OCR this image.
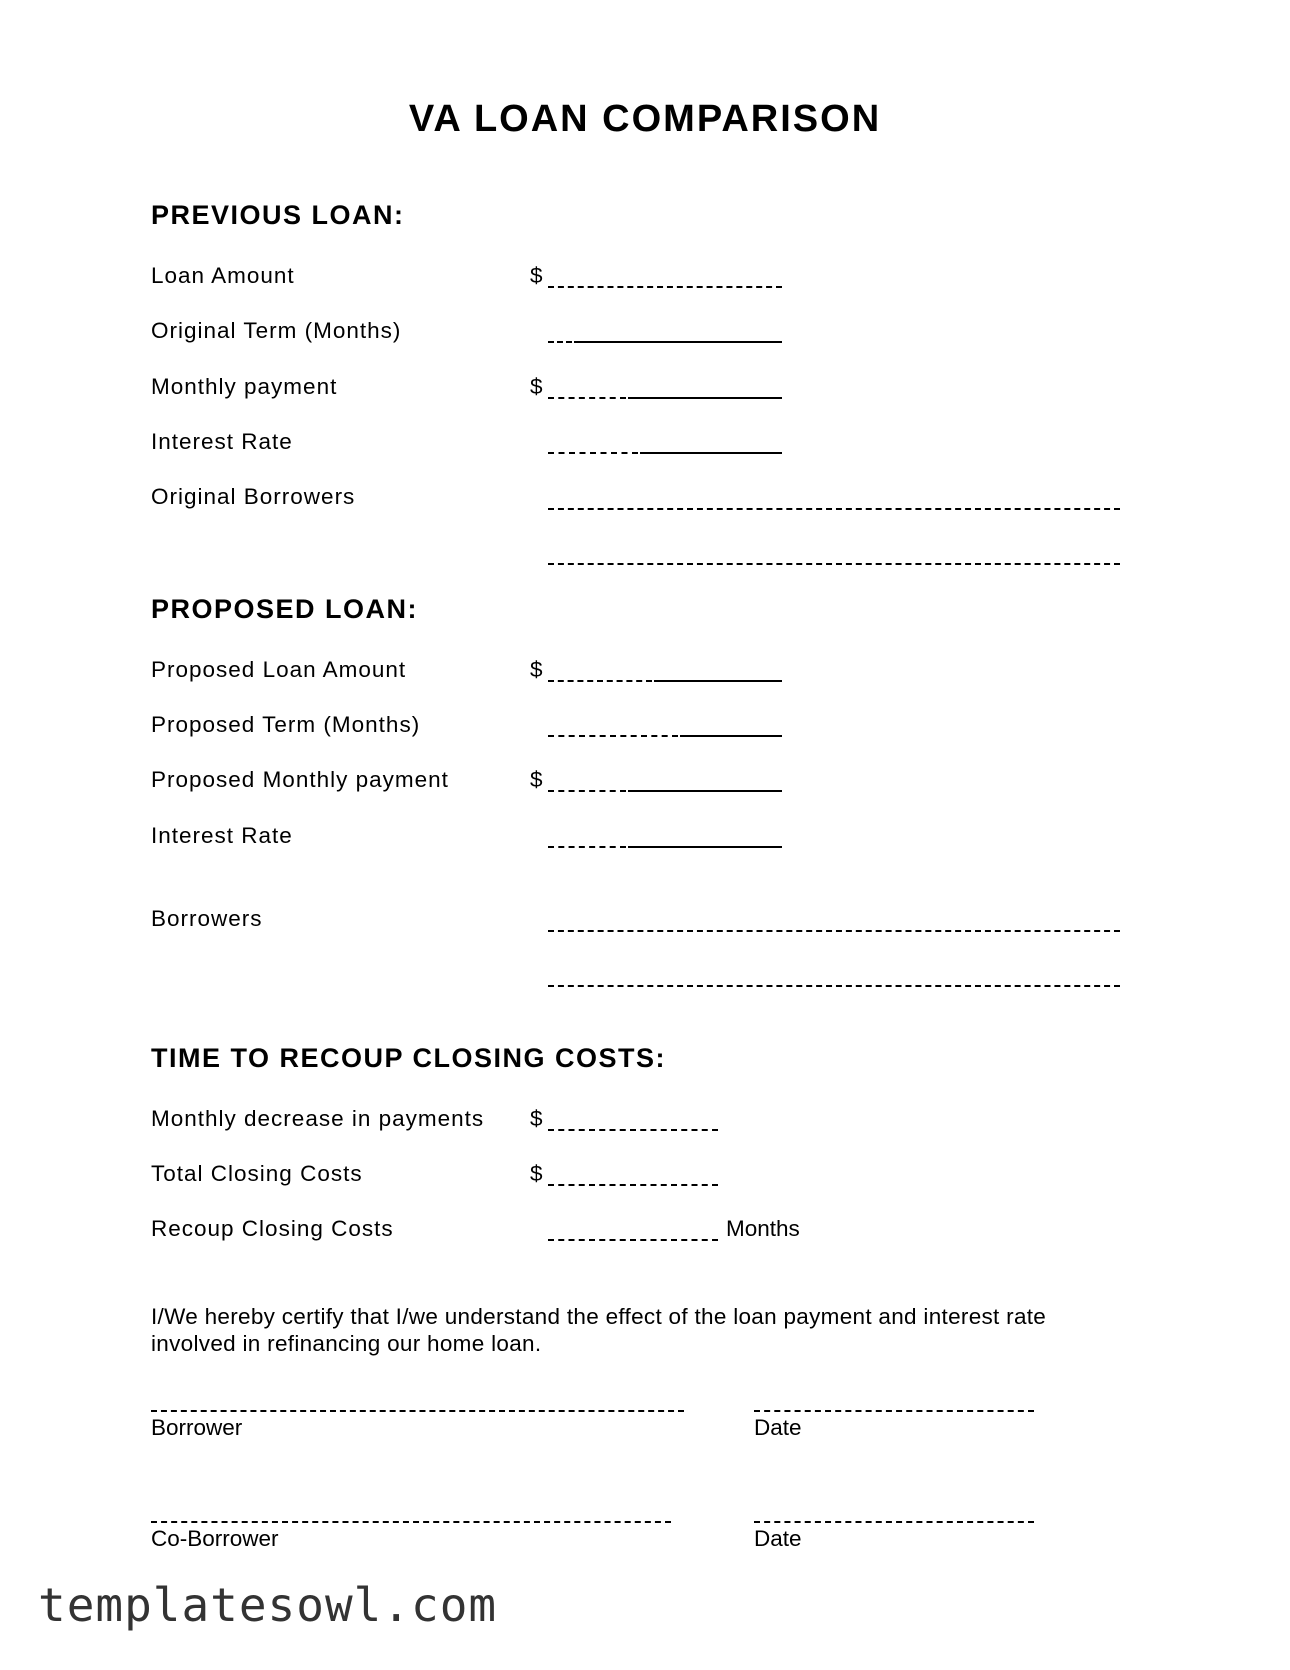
VA LOAN COMPARISON
PREVIOUS LOAN:
Loan Amount	$
Original Term (Months)
Monthly payment	$
Interest Rate
Original Borrowers
PROPOSED LOAN:
Proposed Loan Amount	$
Proposed Term (Months)
Proposed Monthly payment	$
Interest Rate
Borrowers
TIME TO RECOUP CLOSING COSTS:
Monthly decrease in payments $
Total Closing Costs	$
Recoup Closing Costs	Months
I/We hereby certify that I/we understand the effect of the loan payment and interest rate
involved in refinancing our home loan.
Borrower	Date
Co-Borrower	Date
templatesowl.com
